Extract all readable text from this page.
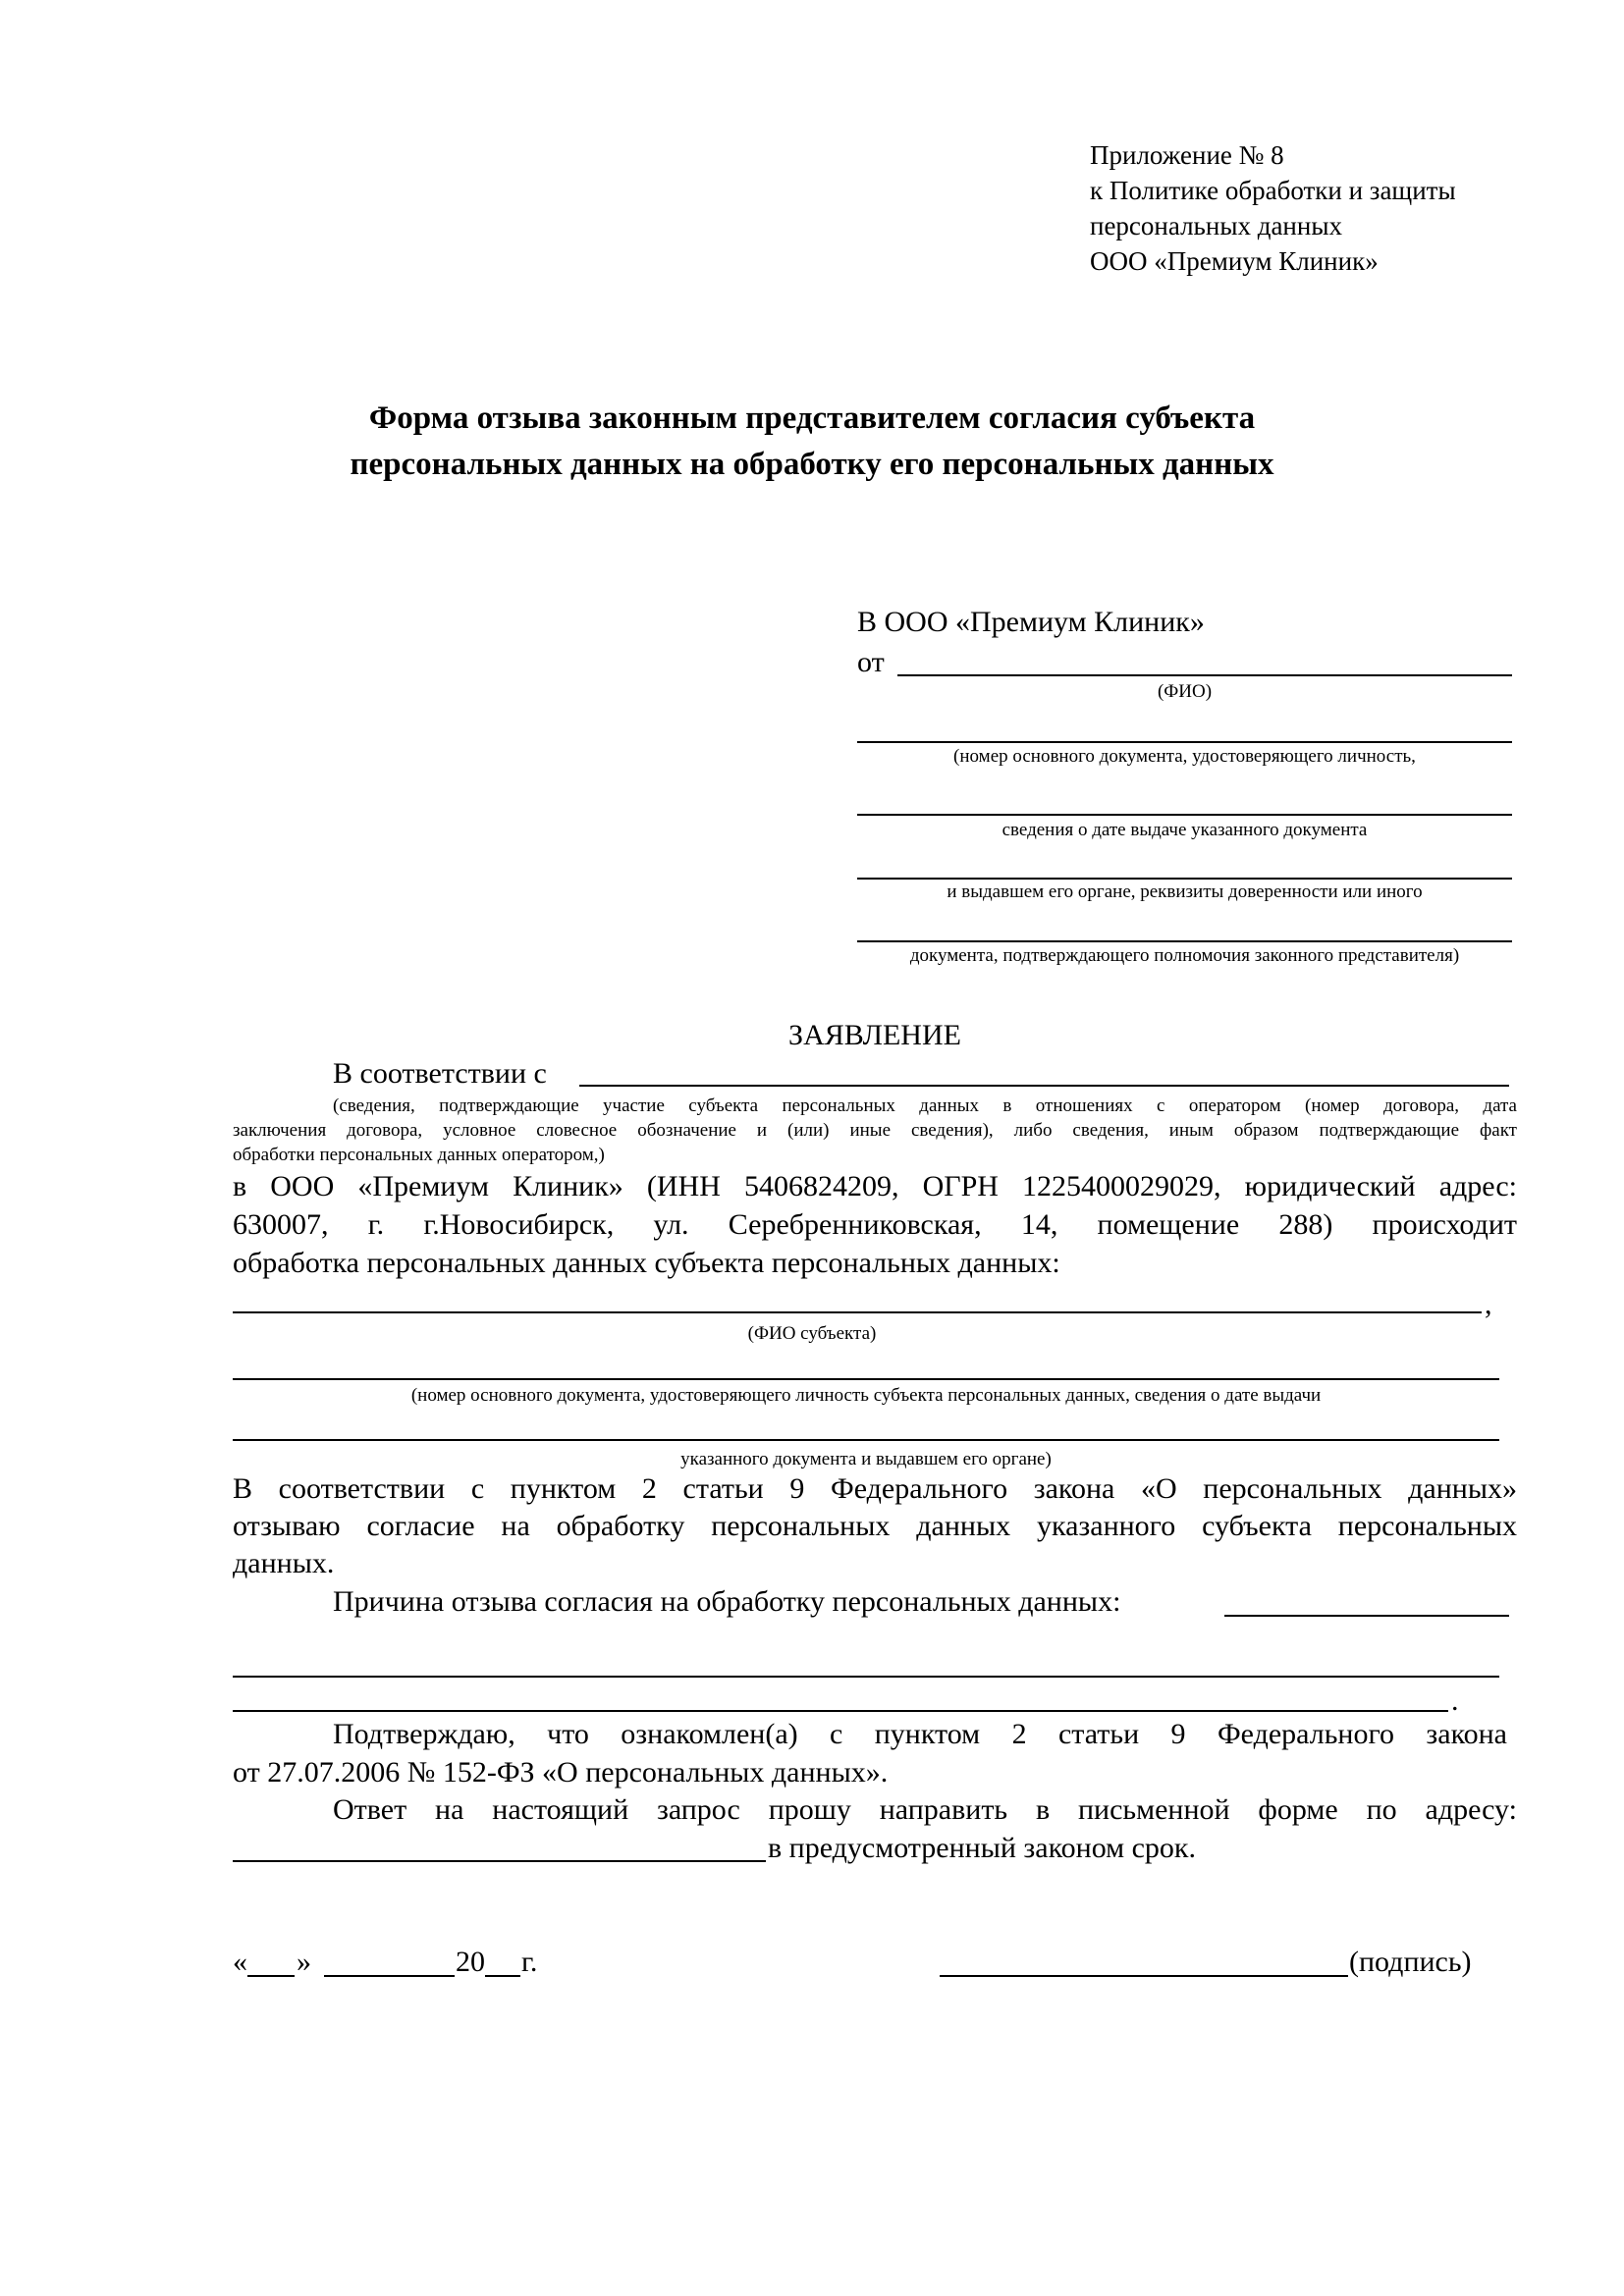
Приложение № 8
к Политике обработки и защиты
персональных данных
ООО «Премиум Клиник»
Форма отзыва законным представителем согласия субъекта
персональных данных на обработку его персональных данных
В ООО «Премиум Клиник»
от
(ФИО)
(номер основного документа, удостоверяющего личность,
сведения о дате выдаче указанного документа
и выдавшем его органе, реквизиты доверенности или иного
документа, подтверждающего полномочия законного представителя)
ЗАЯВЛЕНИЕ
В соответствии с
(сведения, подтверждающие участие субъекта персональных данных в отношениях с оператором (номер договора, дата
заключения договора, условное словесное обозначение и (или) иные сведения), либо сведения, иным образом подтверждающие факт
обработки персональных данных оператором,)
в ООО «Премиум Клиник» (ИНН 5406824209, ОГРН 1225400029029, юридический адрес:
630007, г. г.Новосибирск, ул. Серебренниковская, 14, помещение 288) происходит
обработка персональных данных субъекта персональных данных:
,
(ФИО субъекта)
(номер основного документа, удостоверяющего личность субъекта персональных данных, сведения о дате выдачи
указанного документа и выдавшем его органе)
В соответствии с пунктом 2 статьи 9 Федерального закона «О персональных данных»
отзываю согласие на обработку персональных данных указанного субъекта персональных
данных.
Причина отзыва согласия на обработку персональных данных:
.
Подтверждаю, что ознакомлен(а) с пунктом 2 статьи 9 Федерального закона
от 27.07.2006 № 152-ФЗ «О персональных данных».
Ответ на настоящий запрос прошу направить в письменной форме по адресу:
в предусмотренный законом срок.
« »	20 г.	(подпись)
